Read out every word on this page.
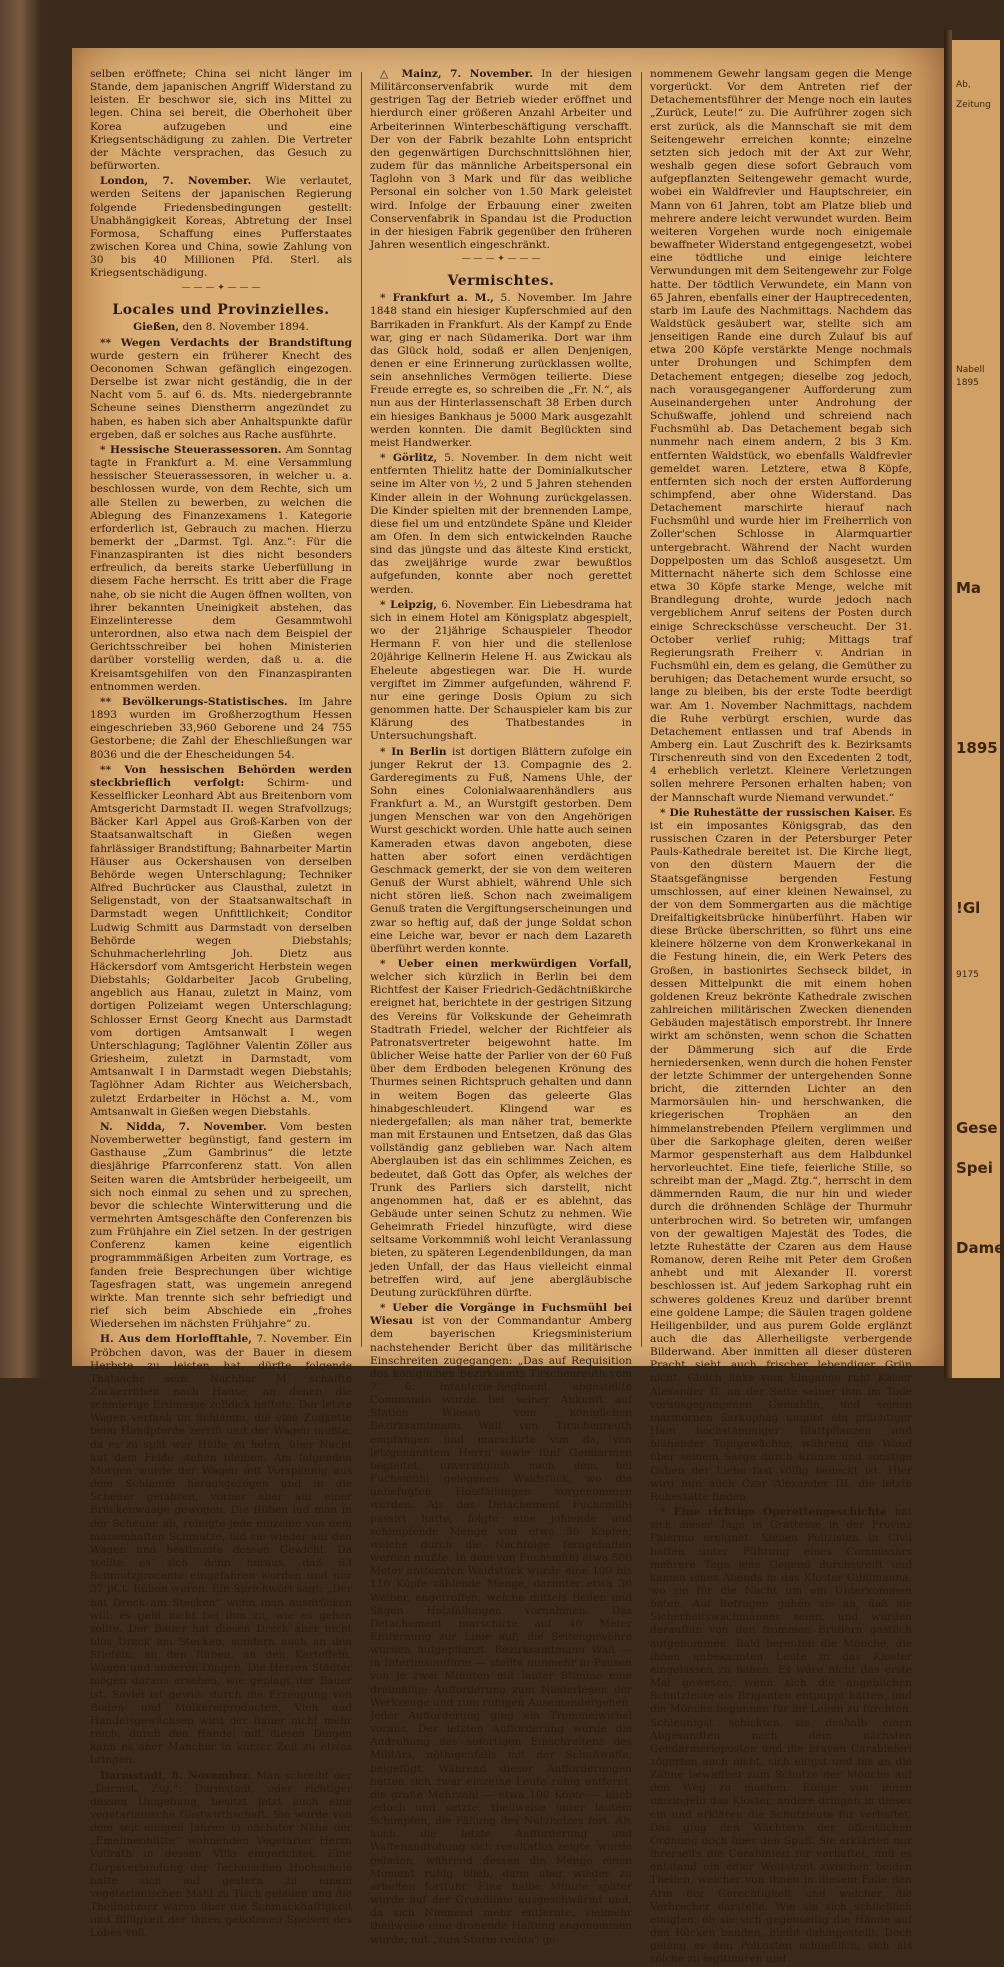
selben eröffnete; China sei nicht länger im Stande, dem japanischen Angriff Widerstand zu leisten. Er beschwor sie, sich ins Mittel zu legen. China sei bereit, die Oberhoheit über Korea aufzugeben und eine Kriegsentschädigung zu zahlen. Die Vertreter der Mächte versprachen, das Gesuch zu befürworten.

London, 7. November. Wie verlautet, werden Seitens der japanischen Regierung folgende Friedensbedingungen gestellt: Unabhängigkeit Koreas, Abtretung der Insel Formosa, Schaffung eines Pufferstaates zwischen Korea und China, sowie Zahlung von 30 bis 40 Millionen Pfd. Sterl. als Kriegsentschädigung.

— — — ✦ — — —
Locales und Provinzielles.

Gießen, den 8. November 1894.

** Wegen Verdachts der Brandstiftung wurde gestern ein früherer Knecht des Oeconomen Schwan gefänglich eingezogen. Derselbe ist zwar nicht geständig, die in der Nacht vom 5. auf 6. ds. Mts. niedergebrannte Scheune seines Dienstherrn angezündet zu haben, es haben sich aber Anhaltspunkte dafür ergeben, daß er solches aus Rache ausführte.

* Hessische Steuerassessoren. Am Sonntag tagte in Frankfurt a. M. eine Versammlung hessischer Steuerassessoren, in welcher u. a. beschlossen wurde, von dem Rechte, sich um alle Stellen zu bewerben, zu welchen die Ablegung des Finanzexamens 1. Kategorie erforderlich ist, Gebrauch zu machen. Hierzu bemerkt der „Darmst. Tgl. Anz.“: Für die Finanzaspiranten ist dies nicht besonders erfreulich, da bereits starke Ueberfüllung in diesem Fache herrscht. Es tritt aber die Frage nahe, ob sie nicht die Augen öffnen wollten, von ihrer bekannten Uneinigkeit abstehen, das Einzelinteresse dem Gesammtwohl unterordnen, also etwa nach dem Beispiel der Gerichtsschreiber bei hohen Ministerien darüber vorstellig werden, daß u. a. die Kreisamtsgehilfen von den Finanzaspiranten entnommen werden.

** Bevölkerungs-Statistisches. Im Jahre 1893 wurden im Großherzogthum Hessen eingeschrieben 33,960 Geborene und 24 755 Gestorbene; die Zahl der Eheschließungen war 8036 und die der Ehescheidungen 54.

** Von hessischen Behörden werden steckbrieflich verfolgt: Schirm- und Kesselflicker Leonhard Abt aus Breitenborn vom Amtsgericht Darmstadt II. wegen Strafvollzugs; Bäcker Karl Appel aus Groß-Karben von der Staatsanwaltschaft in Gießen wegen fahrlässiger Brandstiftung; Bahnarbeiter Martin Häuser aus Ockershausen von derselben Behörde wegen Unterschlagung; Techniker Alfred Buchrücker aus Clausthal, zuletzt in Seligenstadt, von der Staatsanwaltschaft in Darmstadt wegen Unfittlichkeit; Conditor Ludwig Schmitt aus Darmstadt von derselben Behörde wegen Diebstahls; Schuhmacherlehrling Joh. Dietz aus Häckersdorf vom Amtsgericht Herbstein wegen Diebstahls; Goldarbeiter Jacob Grubeling, angeblich aus Hanau, zuletzt in Mainz, vom dortigen Polizeiamt wegen Unterschlagung; Schlosser Ernst Georg Knecht aus Darmstadt vom dortigen Amtsanwalt I wegen Unterschlagung; Taglöhner Valentin Zöller aus Griesheim, zuletzt in Darmstadt, vom Amtsanwalt I in Darmstadt wegen Diebstahls; Taglöhner Adam Richter aus Weichersbach, zuletzt Erdarbeiter in Höchst a. M., vom Amtsanwalt in Gießen wegen Diebstahls.

N. Nidda, 7. November. Vom besten Novemberwetter begünstigt, fand gestern im Gasthause „Zum Gambrinus“ die letzte diesjährige Pfarrconferenz statt. Von allen Seiten waren die Amtsbrüder herbeigeeilt, um sich noch einmal zu sehen und zu sprechen, bevor die schlechte Winterwitterung und die vermehrten Amtsgeschäfte den Conferenzen bis zum Frühjahre ein Ziel setzen. In der gestrigen Conferenz kamen keine eigentlich programmmäßigen Arbeiten zum Vortrage, es fanden freie Besprechungen über wichtige Tagesfragen statt, was ungemein anregend wirkte. Man trennte sich sehr befriedigt und rief sich beim Abschiede ein „frohes Wiedersehen im nächsten Frühjahre“ zu.

H. Aus dem Horlofftahle, 7. November. Ein Pröbchen davon, was der Bauer in diesem Herbste zu leisten hat, dürfte folgende Thatsache sein: Nachbar M. schaffte Zuckerrüben nach Hause, an denen die schmierige Erdmasse zolldick haftete. Der letzte Wagen verfank im Schlamm, die eine Zugkette beim Handpferde zerriß und der Wagen mußte, da es zu spät war Hülfe zu holen, über Nacht auf dem Felde stehen bleiben. Am folgenden Morgen wurde der Wagen mit Vorspännig aus dem Schlamm herausgezogen und in die Scheuer gefahren, vorher aber auf einer Brückenwaage gewogen. Die Rüben lud man in der Scheune ab, reinigte jede einzelne von dem massenhaften Schmutze, lud sie wieder auf den Wagen und bestimmte dessen Gewicht. Da stellte es sich denn heraus, daß 63 Schmutzprocente eingefahren worden und nur 37 pCt. Rüben waren. Ein Sprichwort sagt: „Der hat Dreck am Stecken“ wenn man ausdrücken will: es geht nicht bei ihm zu, wie es gehen sollte. Der Bauer hat diesen Dreck aber nicht blos Dreck am Stecken, sondern auch an den Stiefeln, an den Rüben, an den Kartoffeln, Wagen und anderen Dingen. Die Herren Städter mögen daraus ersehen, wie geplagt der Bauer ist. Soviel ist gewiß: durch die Erzeugung von Boden- und Molkereiproducten, Vieh und Handelsgewächsen wird der Bauer nicht mehr reich, durch den Handel mit diesen Dingen kann es aber Mancher in kurzer Zeit zu etwas bringen.

Darmstadt, 8. November. Man schreibt der „Darmst. Ztg.“: Darmstadt, oder richtiger dessen Umgebung, besitzt jetzt auch eine vegetarianische Gastwirthschaft. Sie wurde von dem seit einigen Jahren in nächster Nähe der „Emelinenhütte“ wohnenden Vegetarier Herrn Vollrath in dessen Villa eingerichtet. Eine Corpsverbindung der Technischen Hochschule hatte sich auf gestern zu einem vegetarianischen Mahl zu Tisch geladen und die Theilnehmer waren über die Schmackhaftigkeit und Billigkeit der ihnen geboteneu Speisen des Lobes voll.

△ Mainz, 7. November. In der hiesigen Militärconservenfabrik wurde mit dem gestrigen Tag der Betrieb wieder eröffnet und hierdurch einer größeren Anzahl Arbeiter und Arbeiterinnen Winterbeschäftigung verschafft. Der von der Fabrik bezahlte Lohn entspricht den gegenwärtigen Durchschnittslöhnen hier, zudem für das männliche Arbeitspersonal ein Taglohn von 3 Mark und für das weibliche Personal ein solcher von 1.50 Mark geleistet wird. Infolge der Erbauung einer zweiten Conservenfabrik in Spandau ist die Production in der hiesigen Fabrik gegenüber den früheren Jahren wesentlich eingeschränkt.

— — — ✦ — — —
Vermischtes.

* Frankfurt a. M., 5. November. Im Jahre 1848 stand ein hiesiger Kupferschmied auf den Barrikaden in Frankfurt. Als der Kampf zu Ende war, ging er nach Südamerika. Dort war ihm das Glück hold, sodaß er allen Denjenigen, denen er eine Erinnerung zurücklassen wollte, sein ansehnliches Vermögen teilierte. Diese Freude erregte es, so schreiben die „Fr. N.“, als nun aus der Hinterlassenschaft 38 Erben durch ein hiesiges Bankhaus je 5000 Mark ausgezahlt werden konnten. Die damit Beglückten sind meist Handwerker.

* Görlitz, 5. November. In dem nicht weit entfernten Thielitz hatte der Dominialkutscher seine im Alter von ½, 2 und 5 Jahren stehenden Kinder allein in der Wohnung zurückgelassen. Die Kinder spielten mit der brennenden Lampe, diese fiel um und entzündete Späne und Kleider am Ofen. In dem sich entwickelnden Rauche sind das jüngste und das älteste Kind erstickt, das zweijährige wurde zwar bewußtlos aufgefunden, konnte aber noch gerettet werden.

* Leipzig, 6. November. Ein Liebesdrama hat sich in einem Hotel am Königsplatz abgespielt, wo der 21jährige Schauspieler Theodor Hermann F. von hier und die stellenlose 20jährige Kellnerin Helene H. aus Zwickau als Eheleute abgestiegen war. Die H. wurde vergiftet im Zimmer aufgefunden, während F. nur eine geringe Dosis Opium zu sich genommen hatte. Der Schauspieler kam bis zur Klärung des Thatbestandes in Untersuchungshaft.

* In Berlin ist dortigen Blättern zufolge ein junger Rekrut der 13. Compagnie des 2. Garderegiments zu Fuß, Namens Uhle, der Sohn eines Colonialwaarenhändlers aus Frankfurt a. M., an Wurstgift gestorben. Dem jungen Menschen war von den Angehörigen Wurst geschickt worden. Uhle hatte auch seinen Kameraden etwas davon angeboten, diese hatten aber sofort einen verdächtigen Geschmack gemerkt, der sie von dem weiteren Genuß der Wurst abhielt, während Uhle sich nicht stören ließ. Schon nach zweimaligem Genuß traten die Vergiftungserscheinungen und zwar so heftig auf, daß der junge Soldat schon eine Leiche war, bevor er nach dem Lazareth überführt werden konnte.

* Ueber einen merkwürdigen Vorfall, welcher sich kürzlich in Berlin bei dem Richtfest der Kaiser Friedrich-Gedächtnißkirche ereignet hat, berichtete in der gestrigen Sitzung des Vereins für Volkskunde der Geheimrath Stadtrath Friedel, welcher der Richtfeier als Patronatsvertreter beigewohnt hatte. Im üblicher Weise hatte der Parlier von der 60 Fuß über dem Erdboden belegenen Krönung des Thurmes seinen Richtspruch gehalten und dann in weitem Bogen das geleerte Glas hinabgeschleudert. Klingend war es niedergefallen; als man näher trat, bemerkte man mit Erstaunen und Entsetzen, daß das Glas vollständig ganz geblieben war. Nach altem Aberglauben ist das ein schlimmes Zeichen, es bedeutet, daß Gott das Opfer, als welches der Trunk des Parliers sich darstellt, nicht angenommen hat, daß er es ablehnt, das Gebäude unter seinen Schutz zu nehmen. Wie Geheimrath Friedel hinzufügte, wird diese seltsame Vorkommniß wohl leicht Veranlassung bieten, zu späteren Legendenbildungen, da man jeden Unfall, der das Haus vielleicht einmal betreffen wird, auf jene abergläubische Deutung zurückführen dürfte.

* Ueber die Vorgänge in Fuchsmühl bei Wiesau ist von der Commandantur Amberg dem bayerischen Kriegsministerium nachstehender Bericht über das militärische Einschreiten zugegangen: „Das auf Requisition des königlichen Bezirksamts Tirschenreuth vom 7. 6. Infanterie-Regiment abgestellte Commando wurde bei seiner Ankunft auf Station Wiesau vom königlichen Bezirksamtmann Wall von Tirschenreuth empfangen und marschirte von da, von letzgenanntem Herrn sowie fünf Gendarmen begleitet, unverzüglich nach dem bei Fuchsmühl gelegenen Waldstück, wo die unbefugten Holzfällungen vorgenommen wurden. Als das Detachement Fuchsmühl passirt hatte, folgte eine johlende und schimpfende Menge von etwa 50 Köpfen, welche durch die Nachfolge ferngehalten werden mußte. In dem von Fuchsmühl etwa 500 Meter entfernten Waldstück wurde eine 100 bis 110 Köpfe zählende Menge, darunter etwa 30 Weiber, angetroffen, welche mittels Beilen und Sägen Holzfällungen vornahmen. Das Detachement marschirte auf 40 Meter Entfernung zur Linie auf; die Seitengewehre wurden aufgepflanzt. Bezirksamtmann Wall — in Interimsuniform — stellte nunmehr in Pausen von je zwei Minuten mit lauter Stimme eine dreimalige Aufforderung zum Niederlegen der Werkzeuge und zum ruhigen Auseinandergehen. Jeder Aufforderung ging ein Trommelwirbel voraus. Der letzten Aufforderung wurde die Androhung des sofortigen Einschreitens des Militärs, nöthigenfalls mit der Schußwaffe, beigefügt. Während dieser Aufforderungen hatten sich zwar einzelne Leute ruhig entfernt, die große Mehrzahl — etwa 100 Köpfe — blieb jedoch und setzte, theilweise unter lautem Schimpfen, die Fällung des Nutzholzes fort. Als auch die letzte Aufforderung und Waffenandrohung sich resultatlos zeigte, wurde geladen, während dessen die Menge einen Moment ruhig blieb, dann aber wieder zu arbeiten fortfuhr. Eine halbe Minute später wurde auf der Grundlinie ausgeschwärmt und, da sich Niemand mehr entfernte, vielmehr theilweise eine drohende Haltung angenommen wurde, mit „zum Sturm rechts“ ge-

nommenem Gewehr langsam gegen die Menge vorgerückt. Vor dem Antreten rief der Detachementsführer der Menge noch ein lautes „Zurück, Leute!“ zu. Die Aufrührer zogen sich erst zurück, als die Mannschaft sie mit dem Seitengewehr erreichen konnte; einzelne setzten sich jedoch mit der Axt zur Wehr, weshalb gegen diese sofort Gebrauch vom aufgepflanzten Seitengewehr gemacht wurde, wobei ein Waldfrevler und Hauptschreier, ein Mann von 61 Jahren, tobt am Platze blieb und mehrere andere leicht verwundet wurden. Beim weiteren Vorgehen wurde noch einigemale bewaffneter Widerstand entgegengesetzt, wobei eine tödtliche und einige leichtere Verwundungen mit dem Seitengewehr zur Folge hatte. Der tödtlich Verwundete, ein Mann von 65 Jahren, ebenfalls einer der Hauptrecedenten, starb im Laufe des Nachmittags. Nachdem das Waldstück gesäubert war, stellte sich am jenseitigen Rande eine durch Zulauf bis auf etwa 200 Köpfe verstärkte Menge nochmals unter Drohungen und Schimpfen dem Detachement entgegen; dieselbe zog jedoch, nach vorausgegangener Aufforderung zum Auseinandergehen unter Androhung der Schußwaffe, johlend und schreiend nach Fuchsmühl ab. Das Detachement begab sich nunmehr nach einem andern, 2 bis 3 Km. entfernten Waldstück, wo ebenfalls Waldfrevler gemeldet waren. Letztere, etwa 8 Köpfe, entfernten sich noch der ersten Aufforderung schimpfend, aber ohne Widerstand. Das Detachement marschirte hierauf nach Fuchsmühl und wurde hier im Freiherrlich von Zoller'schen Schlosse in Alarmquartier untergebracht. Während der Nacht wurden Doppelposten um das Schloß ausgesetzt. Um Mitternacht näherte sich dem Schlosse eine etwa 30 Köpfe starke Menge, welche mit Brandlegung drohte, wurde jedoch nach vergeblichem Anruf seitens der Posten durch einige Schreckschüsse verscheucht. Der 31. October verlief ruhig; Mittags traf Regierungsrath Freiherr v. Andrian in Fuchsmühl ein, dem es gelang, die Gemüther zu beruhigen; das Detachement wurde ersucht, so lange zu bleiben, bis der erste Todte beerdigt war. Am 1. November Nachmittags, nachdem die Ruhe verbürgt erschien, wurde das Detachement entlassen und traf Abends in Amberg ein. Laut Zuschrift des k. Bezirksamts Tirschenreuth sind von den Excedenten 2 todt, 4 erheblich verletzt. Kleinere Verletzungen sollen mehrere Personen erhalten haben; von der Mannschaft wurde Niemand verwundet.“

* Die Ruhestätte der russischen Kaiser. Es ist ein imposantes Königsgrab, das den russischen Czaren in der Petersburger Peter Pauls-Kathedrale bereitet ist. Die Kirche liegt, von den düstern Mauern der die Staatsgefängnisse bergenden Festung umschlossen, auf einer kleinen Newainsel, zu der von dem Sommergarten aus die mächtige Dreifaltigkeitsbrücke hinüberführt. Haben wir diese Brücke überschritten, so führt uns eine kleinere hölzerne von dem Kronwerkekanal in die Festung hinein, die, ein Werk Peters des Großen, in bastionirtes Sechseck bildet, in dessen Mittelpunkt die mit einem hohen goldenen Kreuz bekrönte Kathedrale zwischen zahlreichen militärischen Zwecken dienenden Gebäuden majestätisch emporstrebt. Ihr Innere wirkt am schönsten, wenn schon die Schatten der Dämmerung sich auf die Erde herniedersenken, wenn durch die hohen Fenster der letzte Schimmer der untergehenden Sonne bricht, die zitternden Lichter an den Marmorsäulen hin- und herschwanken, die kriegerischen Trophäen an den himmelanstrebenden Pfeilern verglimmen und über die Sarkophage gleiten, deren weißer Marmor gespensterhaft aus dem Halbdunkel hervorleuchtet. Eine tiefe, feierliche Stille, so schreibt man der „Magd. Ztg.“, herrscht in dem dämmernden Raum, die nur hin und wieder durch die dröhnenden Schläge der Thurmuhr unterbrochen wird. So betreten wir, umfangen von der gewaltigen Majestät des Todes, die letzte Ruhestätte der Czaren aus dem Hause Romanow, deren Reihe mit Peter dem Großen anhebt und mit Alexander II. vorerst beschlossen ist. Auf jedem Sarkophag ruht ein schweres goldenes Kreuz und darüber brennt eine goldene Lampe; die Säulen tragen goldene Heiligenbilder, und aus purem Golde erglänzt auch die das Allerheiligste verbergende Bilderwand. Aber inmitten all dieser düsteren Pracht sieht auch frischer lebendiger Grün nicht. Gleich links vom Eingange ruht Kaiser Alexander II. an der Seite seiner ihm im Tode vorausgegangenen Gemahlin, und seinen marmornen Sarkophag umgibt ein prächtiger Hain hochstämmiger Blattpflanzen und blühender Topfgewächse, während die Wand über seinem Sarge durch Kränze und sonstige Gaben der Liebe fast völlig bedeckt ist. Hier wird nun auch Czar Alexander III. die letzte Ruhestätte finden.

* Eine richtige Operettengeschichte hat sich dieser Tage in Grattesse in der Provinz Palermo ereignet. Sieben Polizisten in Civil hatten unter Führung eines Commissärs mehrere Tage jene Gegend durchstreift und kamen eines Abends in das Kloster Gibilmanna, wo sie für die Nacht um ein Unterkommen baten. Auf Befragen gaben sie an, daß sie Sicherheitswachmänner seien, und wurden daraufhin von den frommen Brüdern gastlich aufgenommen. Bald bereuten die Mönche, die ihnen unbekannten Leute in das Kloster eingelassen zu haben. Es wäre nicht das erste Mal gewesen, wenn sich die angeblichen Schutzleute als Briganten entpuppt hätten, und die Mönche begannen für ihr Leben zu fürchten. Schleunigst schickten sie deshalb einen Abgesandten nach dem nächsten Gendarmerieposten und die braven Carabinieri zögerten auch nicht, sich eiligst und bis an die Zähne bewaffnet zum Schutze der Mönche auf den Weg zu machen. Einige von ihnen umzingeln das Kloster, andere dringen in dieses ein und erklären die Schutzleute für verhaftet. Das ging den Wächtern der öffentlichen Ordnung doch über den Spaß. Sie erklärten nur ihrerseits die Carabinieri für verhaftet, und es entstand ein edler Wettstreit zwischen beiden Theilen, welcher von ihnen in diesem Falle den Arm der Gerechtigkeit und welcher die Verbrecher darstelle. Wie sie sich schließlich einigten, ob sie sich gegenseitig die Hände auf den Rücken banden, bleibt dahingestellt. Doch gelang es den Polizisten schließlich, sich als solche zu legitimiren und

Ab,
Zeitung
Nabell
1895
Ma
1895
!Gl
9175
Gese
Spei
Dame
